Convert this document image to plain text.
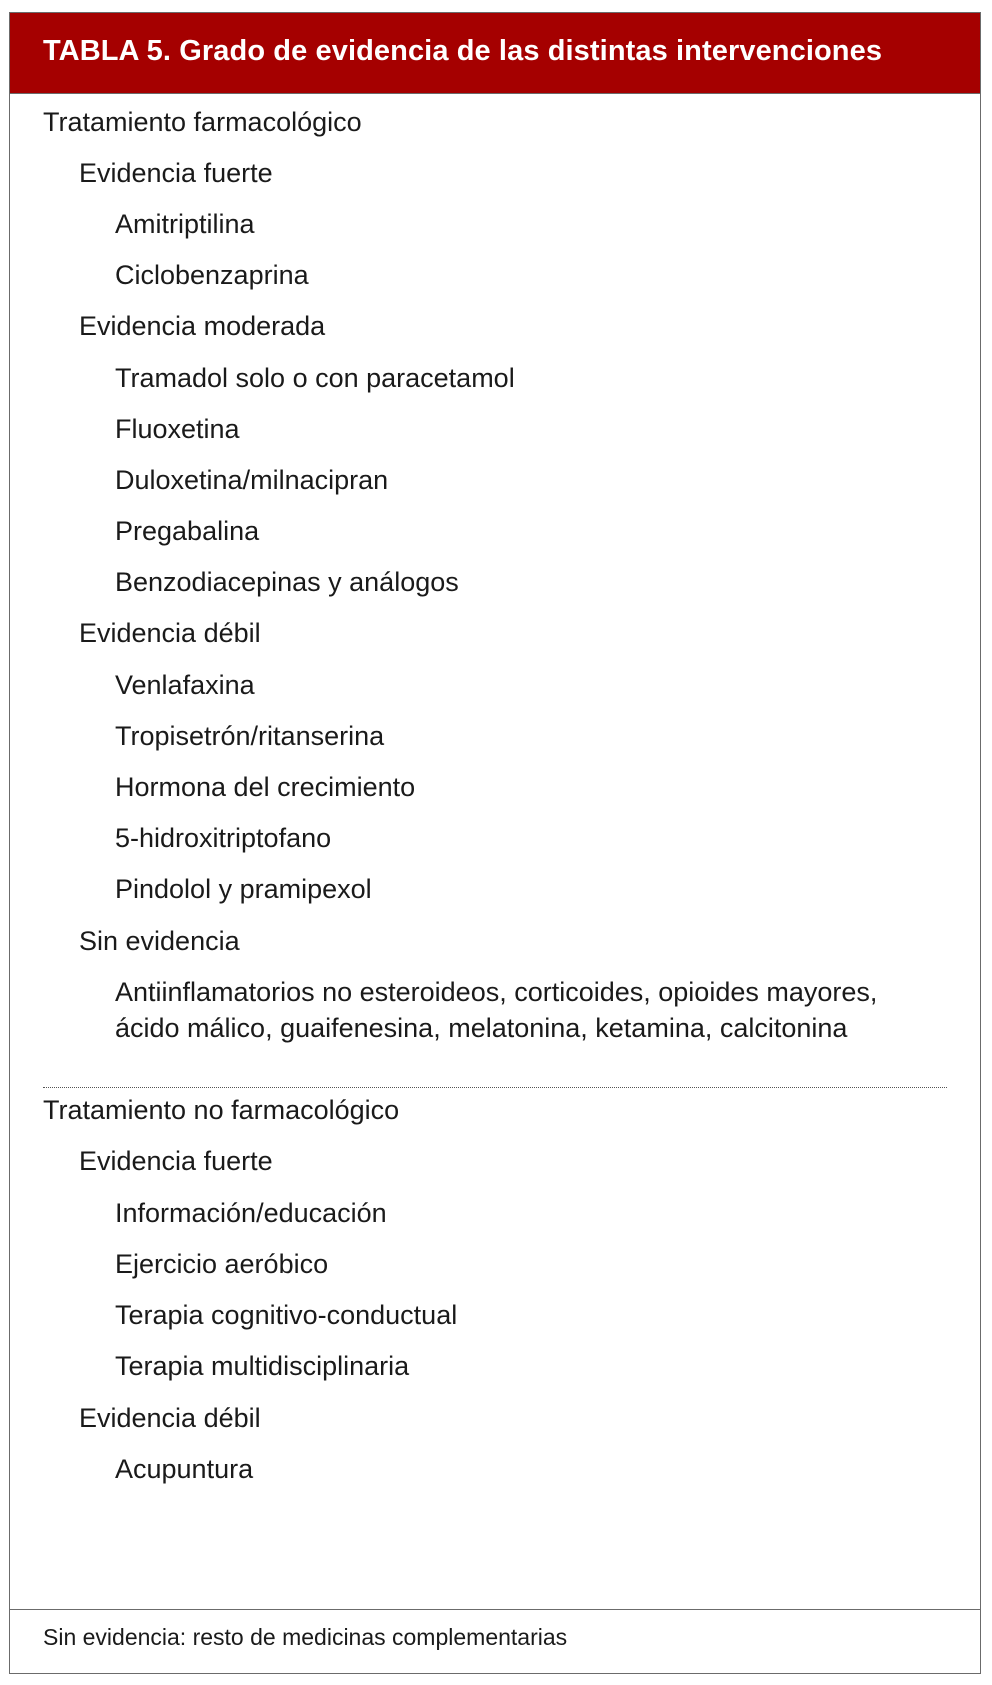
TABLA 5. Grado de evidencia de las distintas intervenciones
Tratamiento farmacológico
Evidencia fuerte
Amitriptilina
Ciclobenzaprina
Evidencia moderada
Tramadol solo o con paracetamol
Fluoxetina
Duloxetina/milnacipran
Pregabalina
Benzodiacepinas y análogos
Evidencia débil
Venlafaxina
Tropisetrón/ritanserina
Hormona del crecimiento
5-hidroxitriptofano
Pindolol y pramipexol
Sin evidencia
Antiinflamatorios no esteroideos, corticoides, opioides mayores, ácido málico, guaifenesina, melatonina, ketamina, calcitonina
Tratamiento no farmacológico
Evidencia fuerte
Información/educación
Ejercicio aeróbico
Terapia cognitivo-conductual
Terapia multidisciplinaria
Evidencia débil
Acupuntura
Sin evidencia: resto de medicinas complementarias
